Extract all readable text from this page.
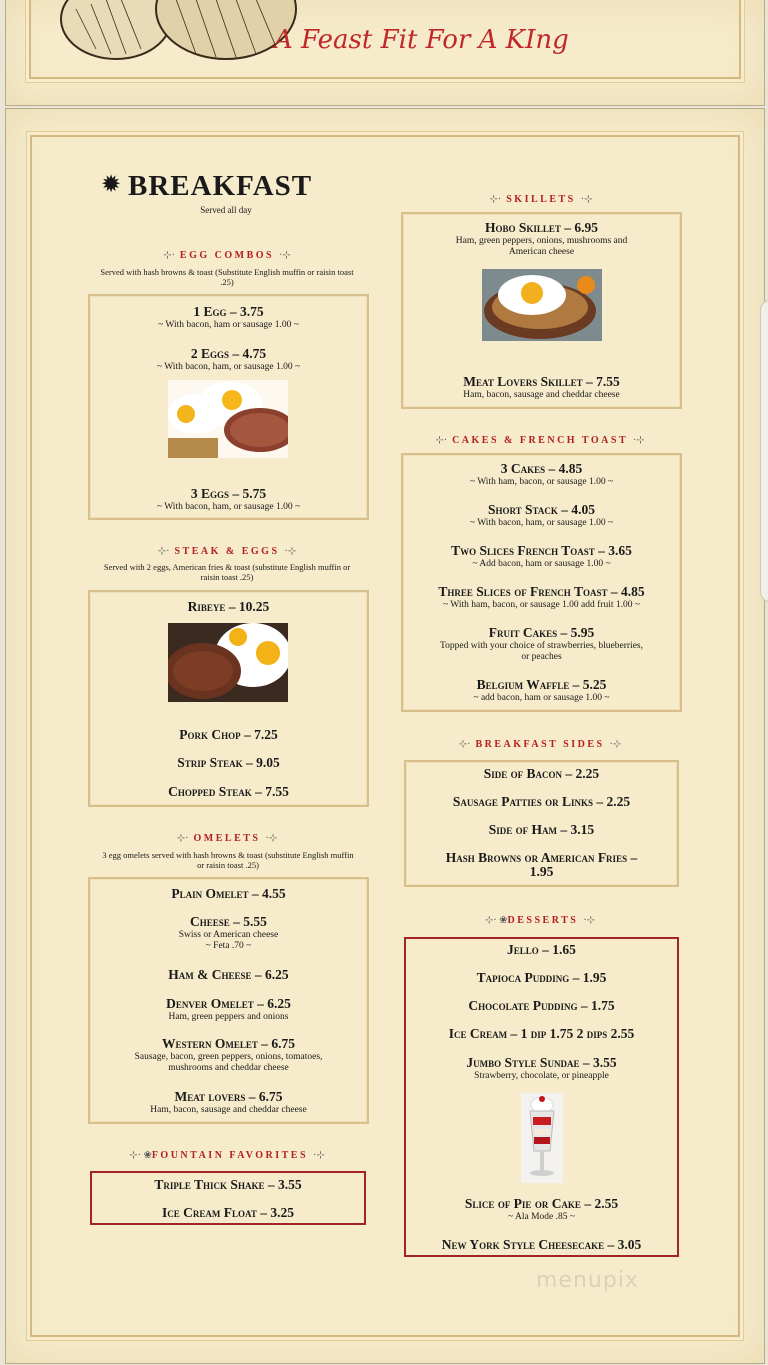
A Feast Fit For A KIng
✹ BREAKFAST
Served all day
⊹· EGG COMBOS ·⊹
Served with hash browns & toast (Substitute English muffin or raisin toast .25)
1 Egg – 3.75
~ With bacon, ham or sausage 1.00 ~
2 Eggs – 4.75
~ With bacon, ham, or sausage 1.00 ~
3 Eggs – 5.75
~ With bacon, ham, or sausage 1.00 ~
⊹· STEAK & EGGS ·⊹
Served with 2 eggs, American fries & toast (substitute English muffin or raisin toast .25)
Ribeye – 10.25
Pork Chop – 7.25
Strip Steak – 9.05
Chopped Steak – 7.55
⊹· OMELETS ·⊹
3 egg omelets served with hash browns & toast (substitute English muffin or raisin toast .25)
Plain Omelet – 4.55
Cheese – 5.55
Swiss or American cheese
~ Feta .70 ~
Ham & Cheese – 6.25
Denver Omelet – 6.25
Ham, green peppers and onions
Western Omelet – 6.75
Sausage, bacon, green peppers, onions, tomatoes,
mushrooms and cheddar cheese
Meat lovers – 6.75
Ham, bacon, sausage and cheddar cheese
⊹· ❀FOUNTAIN FAVORITES ·⊹
Triple Thick Shake – 3.55
Ice Cream Float – 3.25
⊹· SKILLETS ·⊹
Hobo Skillet – 6.95
Ham, green peppers, onions, mushrooms and
American cheese
Meat Lovers Skillet – 7.55
Ham, bacon, sausage and cheddar cheese
⊹· CAKES & FRENCH TOAST ·⊹
3 Cakes – 4.85
~ With ham, bacon, or sausage 1.00 ~
Short Stack – 4.05
~ With bacon, ham, or sausage 1.00 ~
Two Slices French Toast – 3.65
~ Add bacon, ham or sausage 1.00 ~
Three Slices of French Toast – 4.85
~ With ham, bacon, or sausage 1.00 add fruit 1.00 ~
Fruit Cakes – 5.95
Topped with your choice of strawberries, blueberries,
or peaches
Belgium Waffle – 5.25
~ add bacon, ham or sausage 1.00 ~
⊹· BREAKFAST SIDES ·⊹
Side of Bacon – 2.25
Sausage Patties or Links – 2.25
Side of Ham – 3.15
Hash Browns or American Fries –
1.95
⊹· ❀DESSERTS ·⊹
Jello – 1.65
Tapioca Pudding – 1.95
Chocolate Pudding – 1.75
Ice Cream – 1 dip 1.75 2 dips 2.55
Jumbo Style Sundae – 3.55
Strawberry, chocolate, or pineapple
Slice of Pie or Cake – 2.55
~ Ala Mode .85 ~
New York Style Cheesecake – 3.05
menupix
